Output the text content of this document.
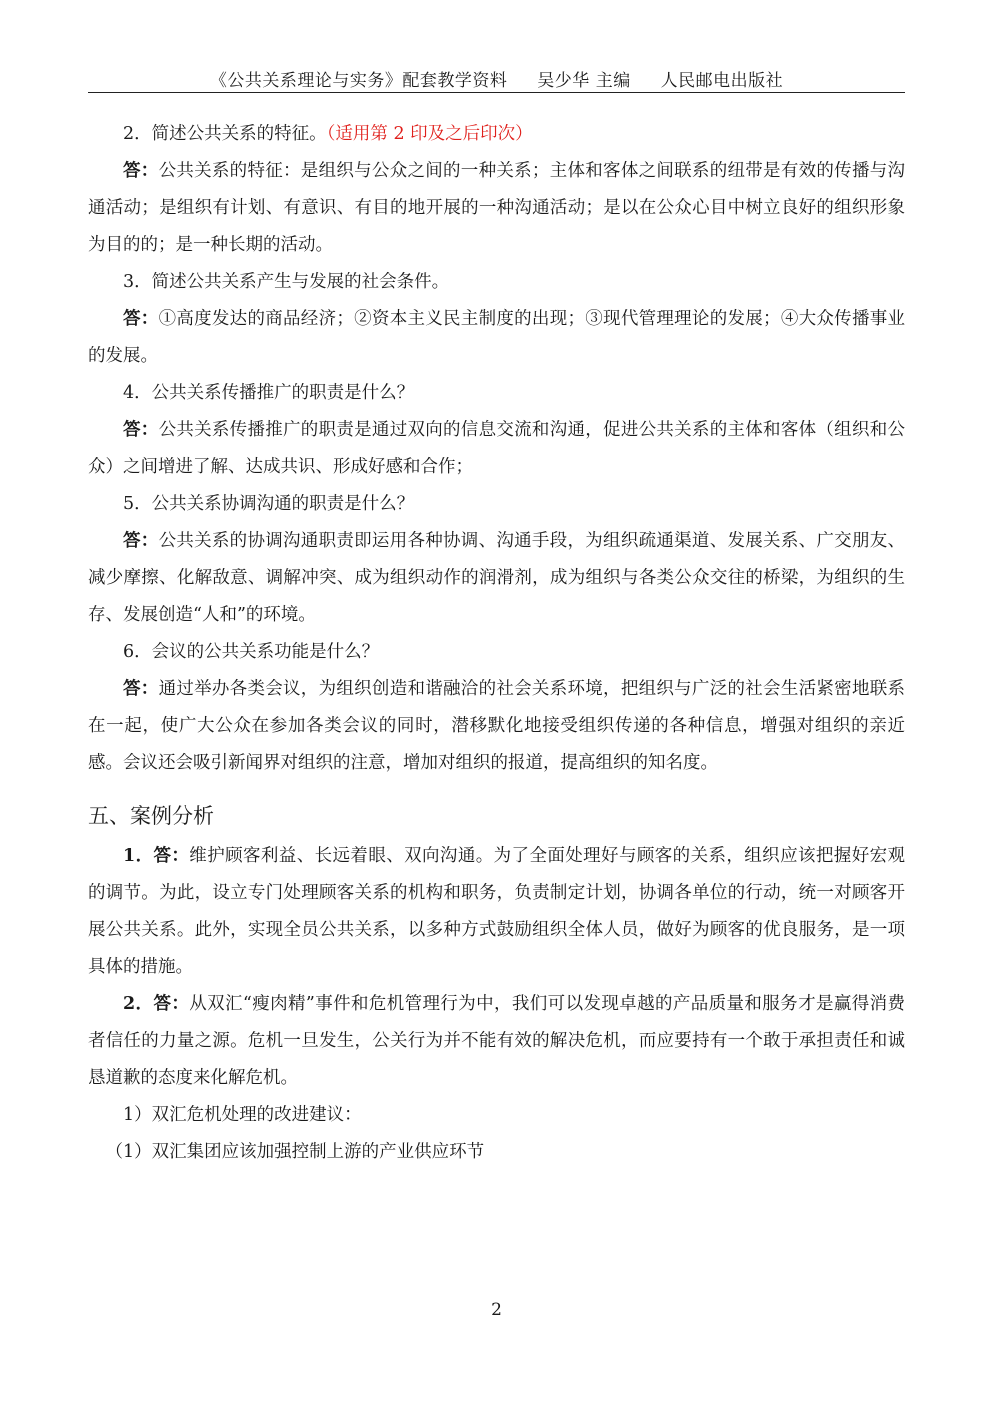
《公共关系理论与实务》配套教学资料 吴少华 主编 人民邮电出版社

2．简述公共关系的特征。（适用第 2 印及之后印次）

答：公共关系的特征：是组织与公众之间的一种关系；主体和客体之间联系的纽带是有效的传播与沟通活动；是组织有计划、有意识、有目的地开展的一种沟通活动；是以在公众心目中树立良好的组织形象为目的的；是一种长期的活动。

3．简述公共关系产生与发展的社会条件。

答：①高度发达的商品经济；②资本主义民主制度的出现；③现代管理理论的发展；④大众传播事业的发展。

4．公共关系传播推广的职责是什么？

答：公共关系传播推广的职责是通过双向的信息交流和沟通，促进公共关系的主体和客体（组织和公众）之间增进了解、达成共识、形成好感和合作；

5．公共关系协调沟通的职责是什么？

答：公共关系的协调沟通职责即运用各种协调、沟通手段，为组织疏通渠道、发展关系、广交朋友、减少摩擦、化解敌意、调解冲突、成为组织动作的润滑剂，成为组织与各类公众交往的桥梁，为组织的生存、发展创造“人和”的环境。

6．会议的公共关系功能是什么？

答：通过举办各类会议，为组织创造和谐融洽的社会关系环境，把组织与广泛的社会生活紧密地联系在一起，使广大公众在参加各类会议的同时，潜移默化地接受组织传递的各种信息，增强对组织的亲近感。会议还会吸引新闻界对组织的注意，增加对组织的报道，提高组织的知名度。

五、案例分析

1．答：维护顾客利益、长远着眼、双向沟通。为了全面处理好与顾客的关系，组织应该把握好宏观的调节。为此，设立专门处理顾客关系的机构和职务，负责制定计划，协调各单位的行动，统一对顾客开展公共关系。此外，实现全员公共关系，以多种方式鼓励组织全体人员，做好为顾客的优良服务，是一项具体的措施。

2．答：从双汇“瘦肉精”事件和危机管理行为中，我们可以发现卓越的产品质量和服务才是赢得消费者信任的力量之源。危机一旦发生，公关行为并不能有效的解决危机，而应要持有一个敢于承担责任和诚恳道歉的态度来化解危机。

1）双汇危机处理的改进建议：

（1）双汇集团应该加强控制上游的产业供应环节

2
